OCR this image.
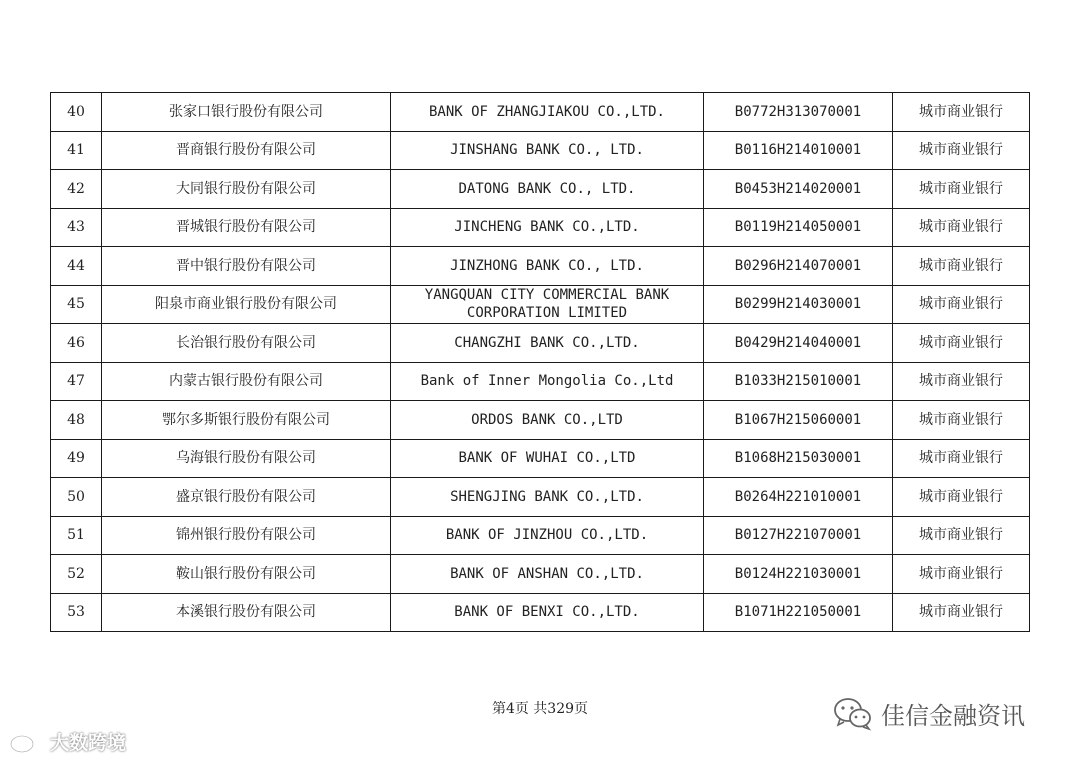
40	张家口银行股份有限公司	BANK OF ZHANGJIAKOU CO.,LTD.	B0772H313070001	城市商业银行
41	晋商银行股份有限公司	JINSHANG BANK CO., LTD.	B0116H214010001	城市商业银行
42	大同银行股份有限公司	DATONG BANK CO., LTD.	B0453H214020001	城市商业银行
43	晋城银行股份有限公司	JINCHENG BANK CO.,LTD.	B0119H214050001	城市商业银行
44	晋中银行股份有限公司	JINZHONG BANK CO., LTD.	B0296H214070001	城市商业银行
45	阳泉市商业银行股份有限公司	YANGQUAN CITY COMMERCIAL BANK CORPORATION LIMITED	B0299H214030001	城市商业银行
46	长治银行股份有限公司	CHANGZHI BANK CO.,LTD.	B0429H214040001	城市商业银行
47	内蒙古银行股份有限公司	Bank of Inner Mongolia Co.,Ltd	B1033H215010001	城市商业银行
48	鄂尔多斯银行股份有限公司	ORDOS BANK CO.,LTD	B1067H215060001	城市商业银行
49	乌海银行股份有限公司	BANK OF WUHAI CO.,LTD	B1068H215030001	城市商业银行
50	盛京银行股份有限公司	SHENGJING BANK CO.,LTD.	B0264H221010001	城市商业银行
51	锦州银行股份有限公司	BANK OF JINZHOU CO.,LTD.	B0127H221070001	城市商业银行
52	鞍山银行股份有限公司	BANK OF ANSHAN CO.,LTD.	B0124H221030001	城市商业银行
53	本溪银行股份有限公司	BANK OF BENXI CO.,LTD.	B1071H221050001	城市商业银行
第4页 共329页
大数跨境
佳信金融资讯
